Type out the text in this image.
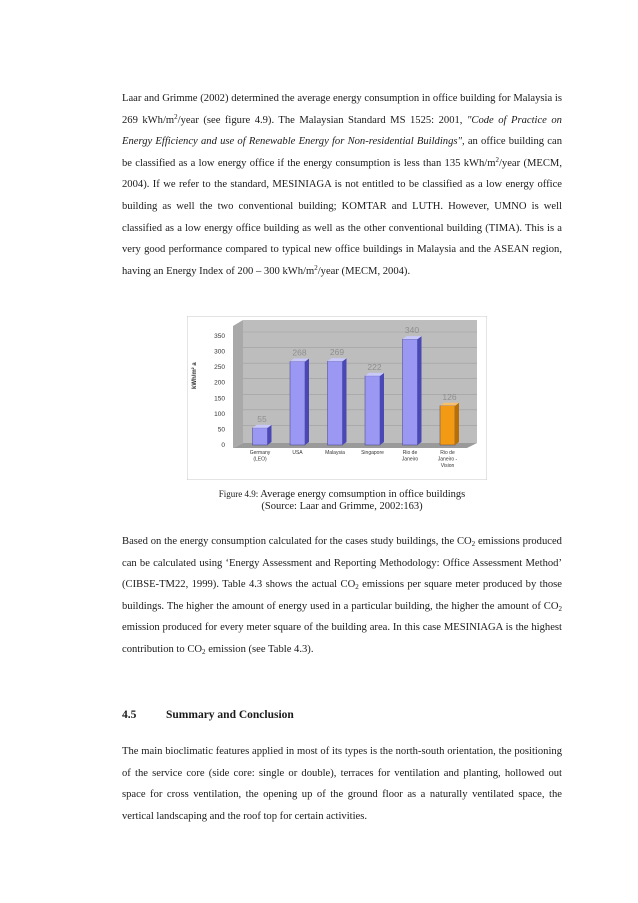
Laar and Grimme (2002) determined the average energy consumption in office building for Malaysia is 269 kWh/$m^2$/year (see figure 4.9). The Malaysian Standard MS 1525: 2001, "Code of Practice on Energy Efficiency and use of Renewable Energy for Non-residential Buildings", an office building can be classified as a low energy office if the energy consumption is less than 135 kWh/$m^2$/year (MECM, 2004). If we refer to the standard, MESINIAGA is not entitled to be classified as a low energy office building as well the two conventional building; KOMTAR and LUTH. However, UMNO is well classified as a low energy office building as well as the other conventional building (TIMA). This is a very good performance compared to typical new office buildings in Malaysia and the ASEAN region, having an Energy Index of 200 – 300 kWh/$m^2$/year (MECM, 2004).

kWh/m² a
0
50
100
150
200
250
300
350
55
268	269
222
340
126
Germany (LEO)
USA	Malaysia	Singapore	Rio de Janeiro
Rio de Janeiro -Vision
Figure 4.9: Average energy comsumption in office buildings
(Source: Laar and Grimme, 2002:163)

Based on the energy consumption calculated for the cases study buildings, the $CO_2$ emissions produced can be calculated using ‘Energy Assessment and Reporting Methodology: Office Assessment Method’ (CIBSE-TM22, 1999). Table 4.3 shows the actual $CO_2$ emissions per square meter produced by those buildings. The higher the amount of energy used in a particular building, the higher the amount of $CO_2$ emission produced for every meter square of the building area. In this case MESINIAGA is the highest contribution to $CO_2$ emission (see Table 4.3).

4.5	Summary and Conclusion

The main bioclimatic features applied in most of its types is the north-south orientation, the positioning of the service core (side core: single or double), terraces for ventilation and planting, hollowed out space for cross ventilation, the opening up of the ground floor as a naturally ventilated space, the vertical landscaping and the roof top for certain activities.
